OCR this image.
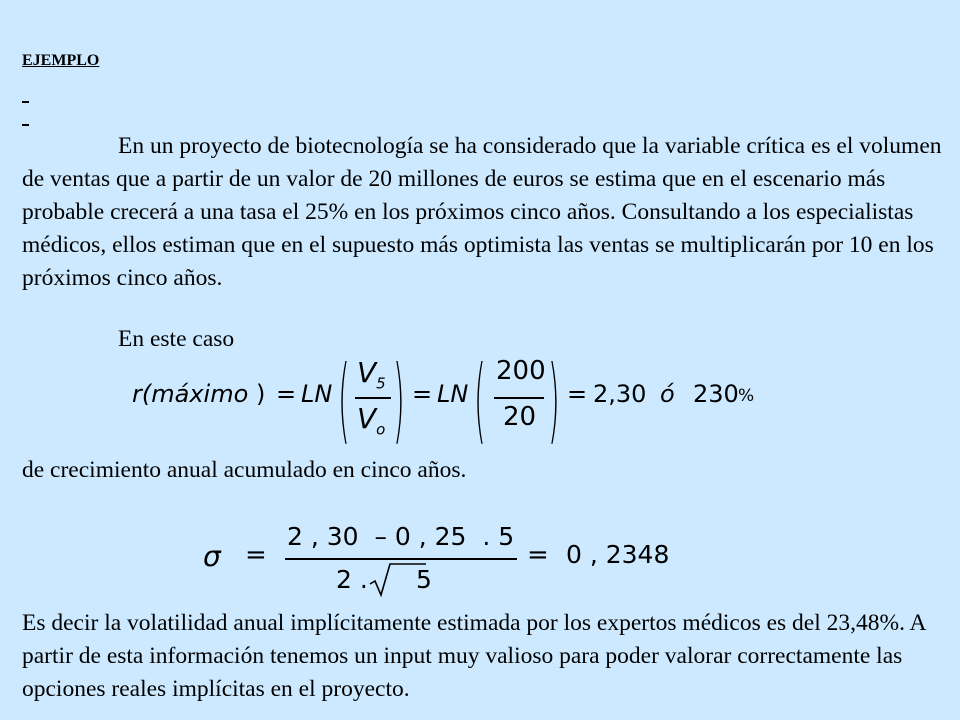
EJEMPLO

En un proyecto de biotecnología se ha considerado que la variable crítica es el volumen de ventas que a partir de un valor de 20 millones de euros se estima que en el escenario más probable crecerá a una tasa el 25% en los próximos cinco años. Consultando a los especialistas médicos, ellos estiman que en el supuesto más optimista las ventas se multiplicarán por 10 en los próximos cinco años.

En este caso

r(máximo ) = LN ( $V_5$
$V_o$ ) = LN ( 200
20 ) = 2,30 ó 230 %

de crecimiento anual acumulado en cinco años.

σ =
2 , 30  – 0 , 25  . 5
2 . 5
= 0 , 2348

Es decir la volatilidad anual implícitamente estimada por los expertos médicos es del 23,48%. A partir de esta información tenemos un input muy valioso para poder valorar correctamente las opciones reales implícitas en el proyecto.
